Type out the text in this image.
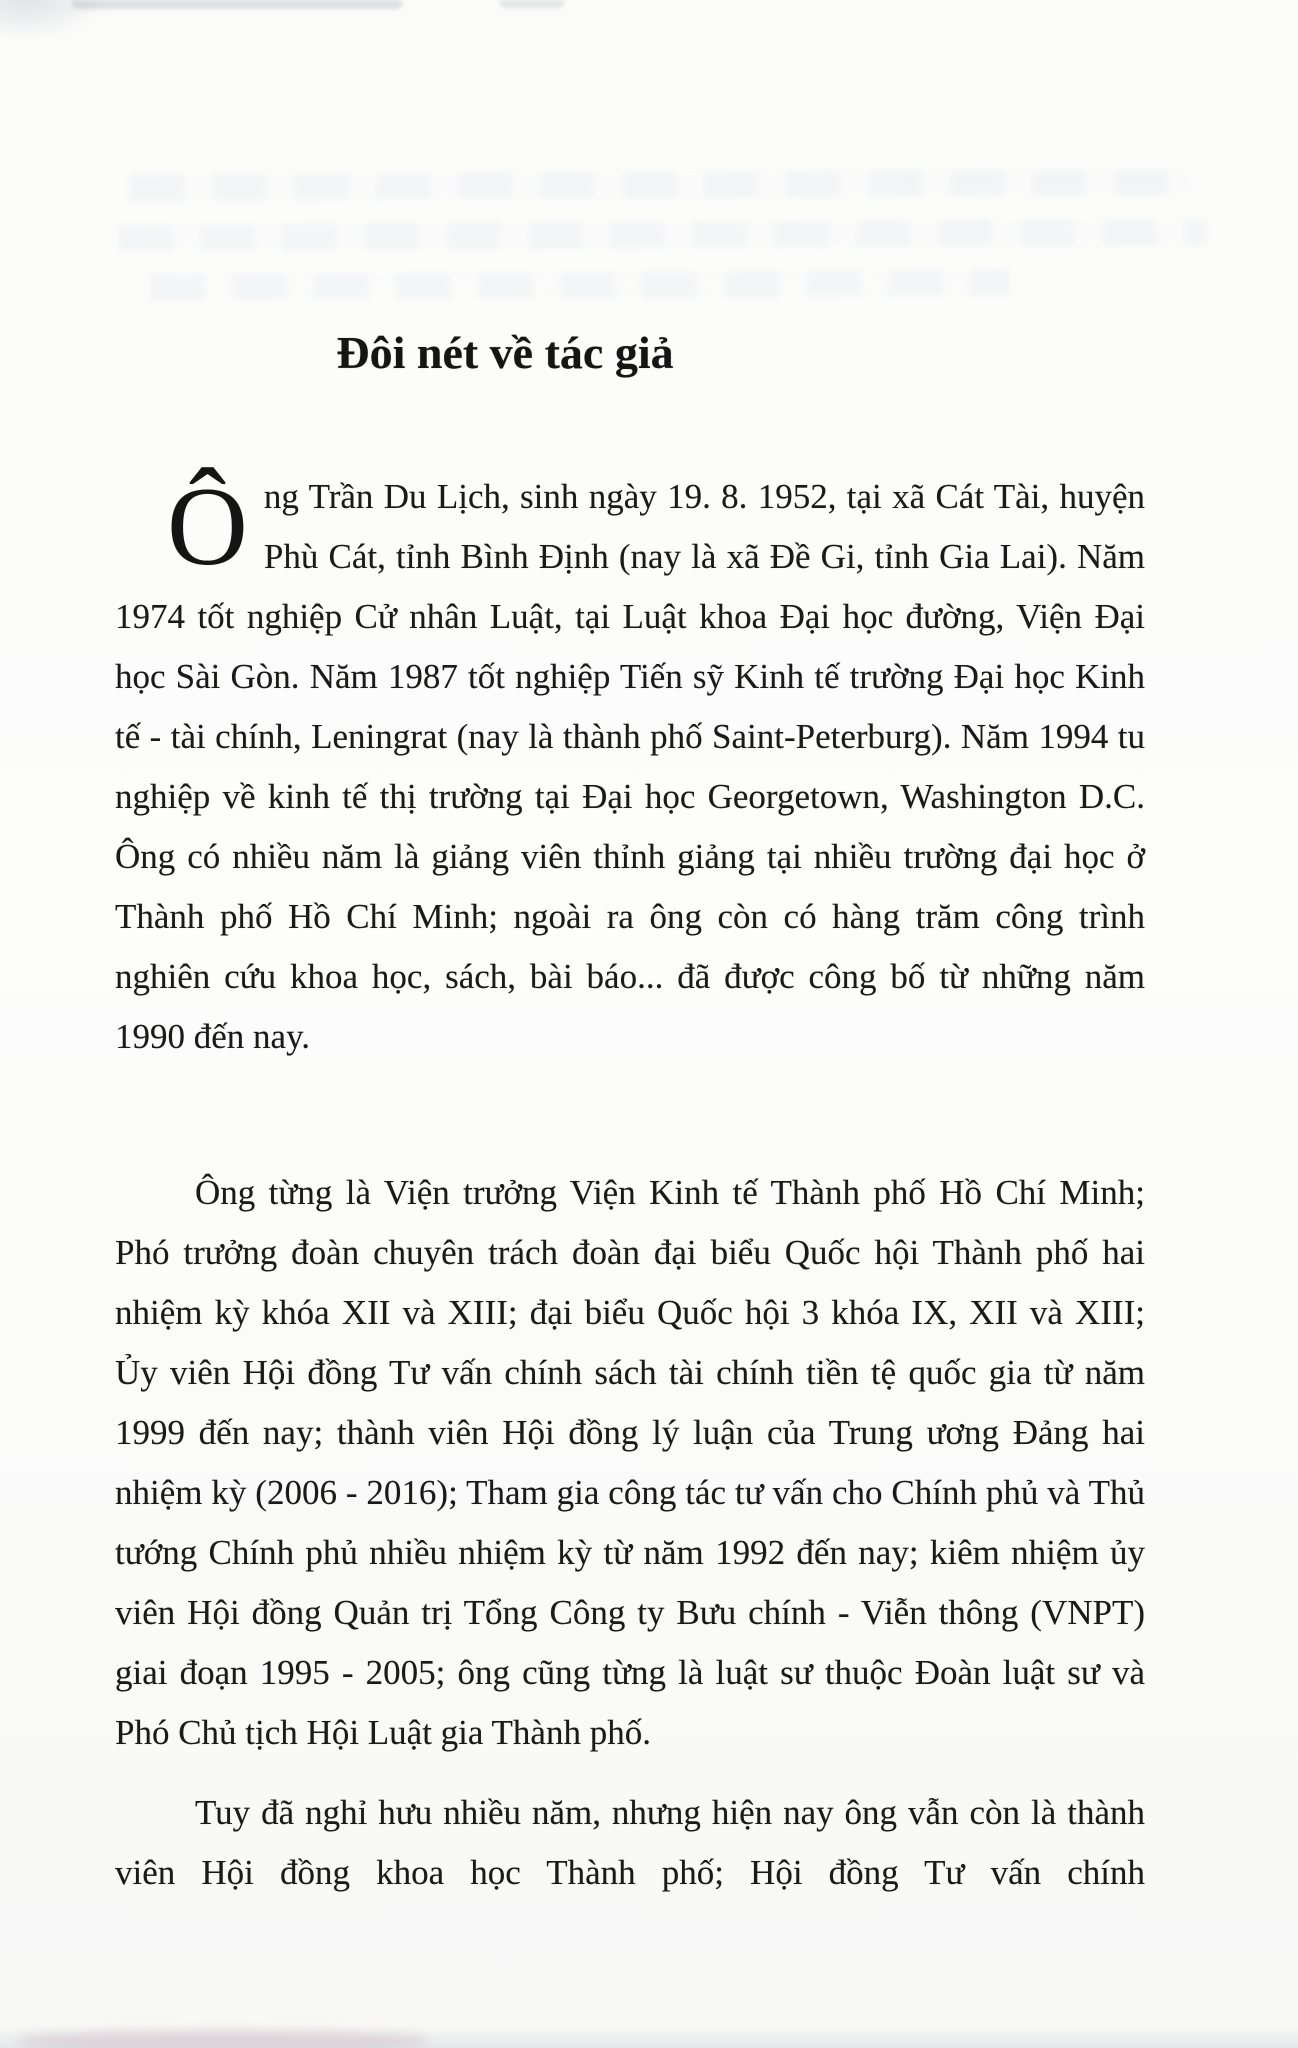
Đôi nét về tác giả

Ông Trần Du Lịch, sinh ngày 19. 8. 1952, tại xã Cát Tài, huyện Phù Cát, tỉnh Bình Định (nay là xã Đề Gi, tỉnh Gia Lai). Năm 1974 tốt nghiệp Cử nhân Luật, tại Luật khoa Đại học đường, Viện Đại học Sài Gòn. Năm 1987 tốt nghiệp Tiến sỹ Kinh tế trường Đại học Kinh tế - tài chính, Leningrat (nay là thành phố Saint-Peterburg). Năm 1994 tu nghiệp về kinh tế thị trường tại Đại học Georgetown, Washington D.C. Ông có nhiều năm là giảng viên thỉnh giảng tại nhiều trường đại học ở Thành phố Hồ Chí Minh; ngoài ra ông còn có hàng trăm công trình nghiên cứu khoa học, sách, bài báo... đã được công bố từ những năm 1990 đến nay.

Ông từng là Viện trưởng Viện Kinh tế Thành phố Hồ Chí Minh; Phó trưởng đoàn chuyên trách đoàn đại biểu Quốc hội Thành phố hai nhiệm kỳ khóa XII và XIII; đại biểu Quốc hội 3 khóa IX, XII và XIII; Ủy viên Hội đồng Tư vấn chính sách tài chính tiền tệ quốc gia từ năm 1999 đến nay; thành viên Hội đồng lý luận của Trung ương Đảng hai nhiệm kỳ (2006 - 2016); Tham gia công tác tư vấn cho Chính phủ và Thủ tướng Chính phủ nhiều nhiệm kỳ từ năm 1992 đến nay; kiêm nhiệm ủy viên Hội đồng Quản trị Tổng Công ty Bưu chính - Viễn thông (VNPT) giai đoạn 1995 - 2005; ông cũng từng là luật sư thuộc Đoàn luật sư và Phó Chủ tịch Hội Luật gia Thành phố.

Tuy đã nghỉ hưu nhiều năm, nhưng hiện nay ông vẫn còn là thành viên Hội đồng khoa học Thành phố; Hội đồng Tư vấn chính
